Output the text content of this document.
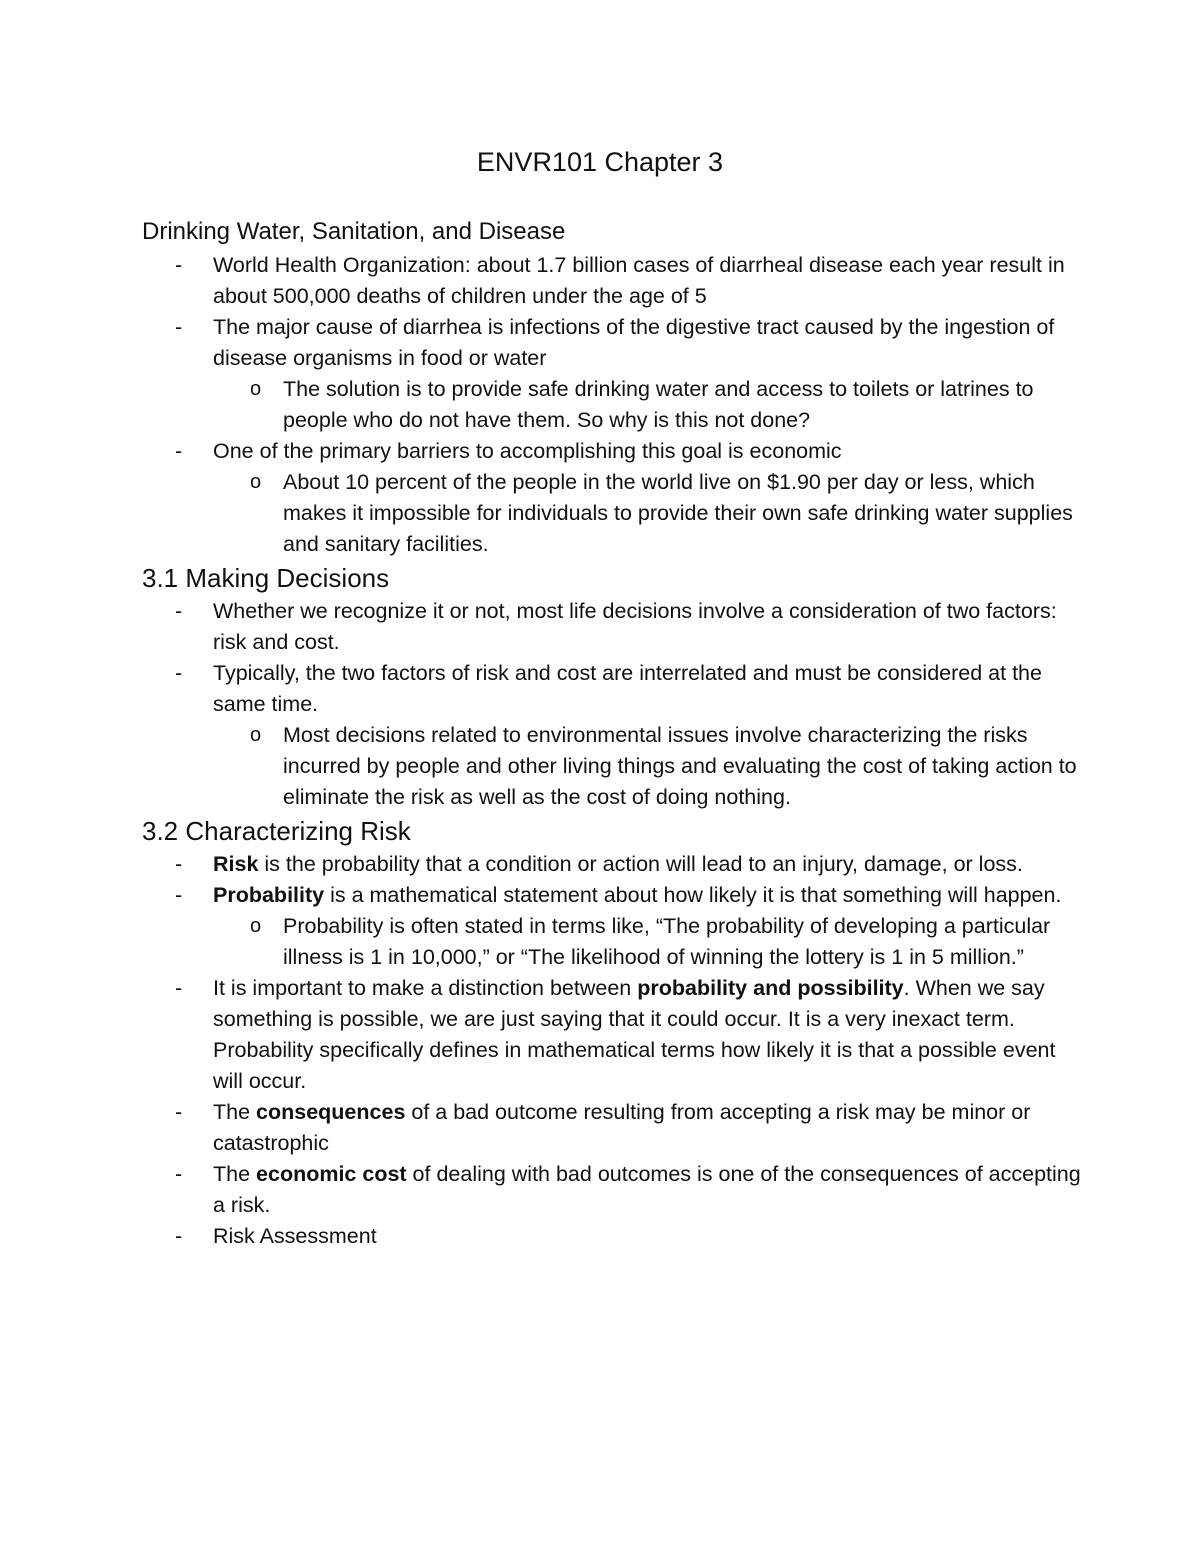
ENVR101 Chapter 3
Drinking Water, Sanitation, and Disease
- World Health Organization: about 1.7 billion cases of diarrheal disease each year result in about 500,000 deaths of children under the age of 5
- The major cause of diarrhea is infections of the digestive tract caused by the ingestion of disease organisms in food or water
o The solution is to provide safe drinking water and access to toilets or latrines to people who do not have them. So why is this not done?
- One of the primary barriers to accomplishing this goal is economic
o About 10 percent of the people in the world live on $1.90 per day or less, which makes it impossible for individuals to provide their own safe drinking water supplies and sanitary facilities.
3.1 Making Decisions
- Whether we recognize it or not, most life decisions involve a consideration of two factors: risk and cost.
- Typically, the two factors of risk and cost are interrelated and must be considered at the same time.
o Most decisions related to environmental issues involve characterizing the risks incurred by people and other living things and evaluating the cost of taking action to eliminate the risk as well as the cost of doing nothing.
3.2 Characterizing Risk
- Risk is the probability that a condition or action will lead to an injury, damage, or loss.
- Probability is a mathematical statement about how likely it is that something will happen.
o Probability is often stated in terms like, “The probability of developing a particular illness is 1 in 10,000,” or “The likelihood of winning the lottery is 1 in 5 million.”
- It is important to make a distinction between probability and possibility. When we say something is possible, we are just saying that it could occur. It is a very inexact term. Probability specifically defines in mathematical terms how likely it is that a possible event will occur.
- The consequences of a bad outcome resulting from accepting a risk may be minor or catastrophic
- The economic cost of dealing with bad outcomes is one of the consequences of accepting a risk.
- Risk Assessment
